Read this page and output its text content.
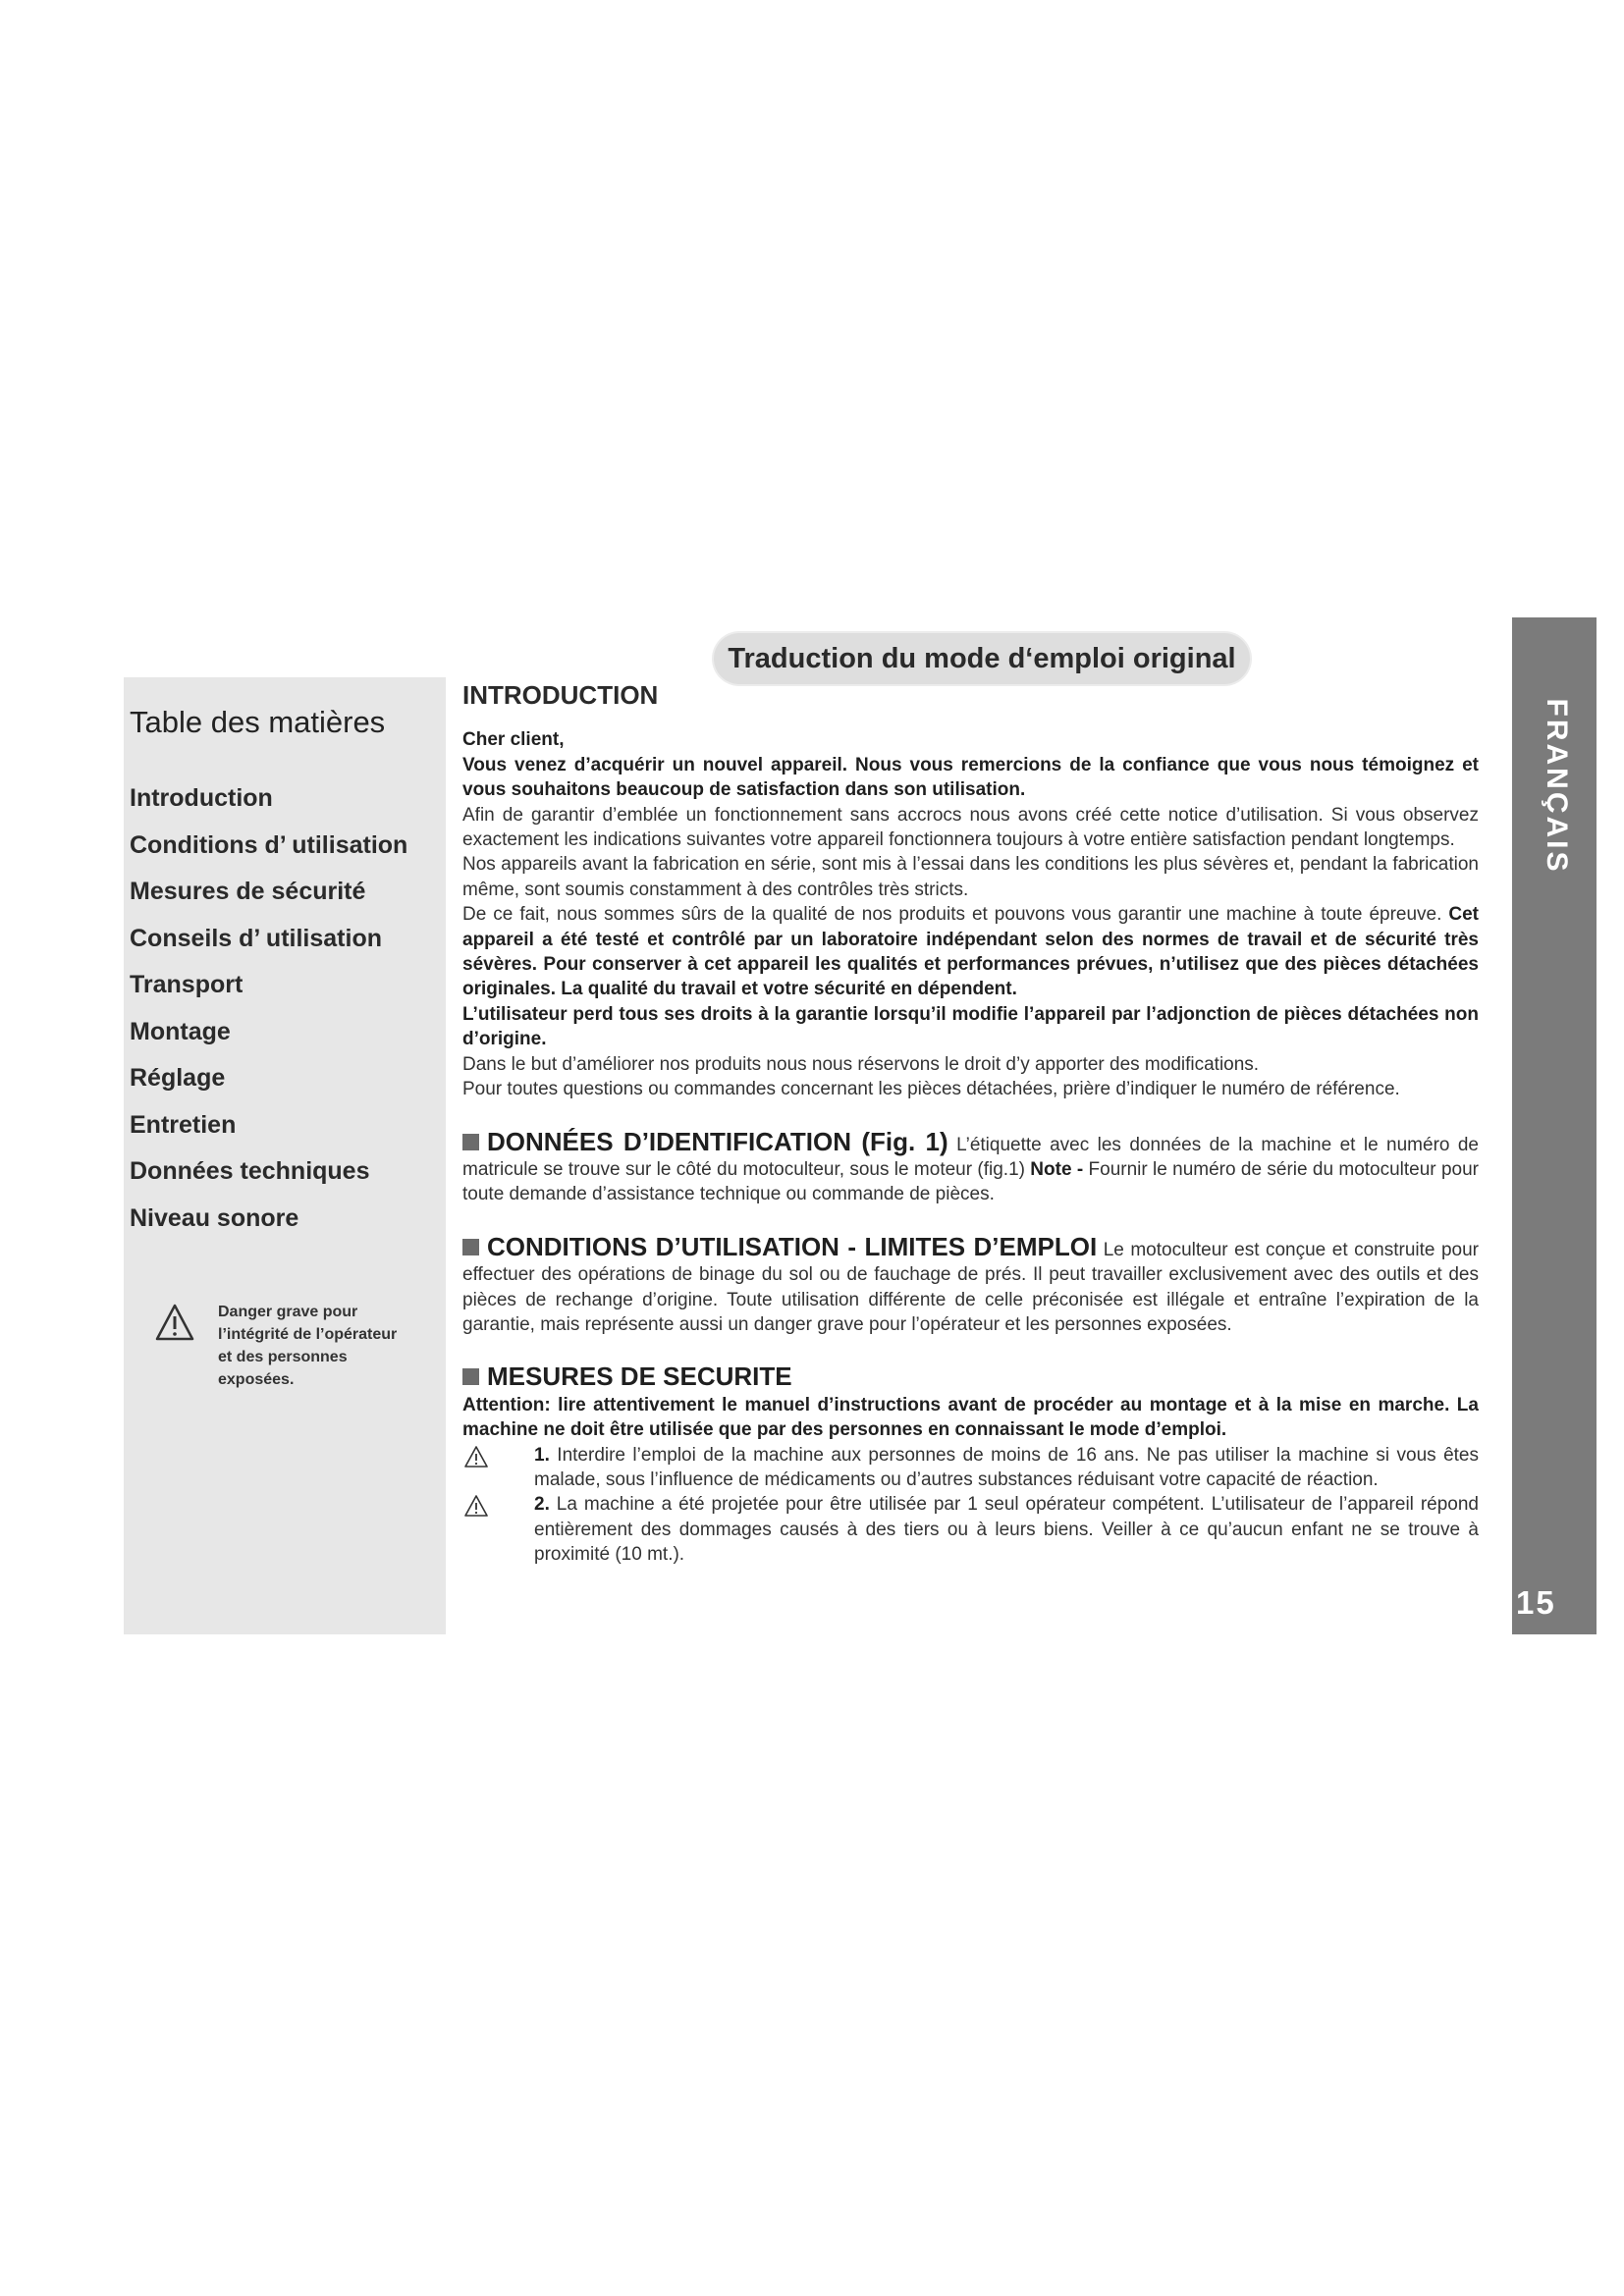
Traduction du mode d‘emploi original
Table des matières
Introduction
Conditions d’ utilisation
Mesures de sécurité
Conseils d’ utilisation
Transport
Montage
Réglage
Entretien
Données techniques
Niveau sonore
Danger grave pour
l’intégrité de l’opérateur
et des personnes
exposées.
FRANÇAIS
15
INTRODUCTION

Cher client,

Vous venez d’acquérir un nouvel appareil. Nous vous remercions de la confiance que vous nous témoignez et vous souhaitons beaucoup de satisfaction dans son utilisation.

Afin de garantir d’emblée un fonctionnement sans accrocs nous avons créé cette notice d’utilisation. Si vous observez exactement les indications suivantes votre appareil fonctionnera toujours à votre entière satisfaction pendant longtemps.

Nos appareils avant la fabrication en série, sont mis à l’essai dans les conditions les plus sévères et, pendant la fabrication même, sont soumis constamment à des contrôles très stricts.

De ce fait, nous sommes sûrs de la qualité de nos produits et pouvons vous garantir une machine à toute épreuve. Cet appareil a été testé et contrôlé par un laboratoire indépendant selon des normes de travail et de sécurité très sévères. Pour conserver à cet appareil les qualités et performances prévues, n’utilisez que des pièces détachées originales. La qualité du travail et votre sécurité en dépendent.

L’utilisateur perd tous ses droits à la garantie lorsqu’il modifie l’appareil par l’adjonction de pièces détachées non d’origine.

Dans le but d’améliorer nos produits nous nous réservons le droit d’y apporter des modifications.

Pour toutes questions ou commandes concernant les pièces détachées, prière d’indiquer le numéro de référence.

DONNÉES D’IDENTIFICATION (Fig. 1) L’étiquette avec les données de la machine et le numéro de matricule se trouve sur le côté du motoculteur, sous le moteur (fig.1) Note - Fournir le numéro de série du motoculteur pour toute demande d’assistance technique ou commande de pièces.

CONDITIONS D’UTILISATION - LIMITES D’EMPLOI Le motoculteur est conçue et construite pour effectuer des opérations de binage du sol ou de fauchage de prés. Il peut travailler exclusivement avec des outils et des pièces de rechange d’origine. Toute utilisation différente de celle préconisée est illégale et entraîne l’expiration de la garantie, mais représente aussi un danger grave pour l’opérateur et les personnes exposées.

MESURES DE SECURITE

Attention: lire attentivement le manuel d’instructions avant de procéder au montage et à la mise en marche. La machine ne doit être utilisée que par des personnes en connaissant le mode d’emploi.

1. Interdire l’emploi de la machine aux personnes de moins de 16 ans. Ne pas utiliser la machine si vous êtes malade, sous l’influence de médicaments ou d’autres substances réduisant votre capacité de réaction.

2. La machine a été projetée pour être utilisée par 1 seul opérateur compétent. L’utilisateur de l’appareil répond entièrement des dommages causés à des tiers ou à leurs biens. Veiller à ce qu’aucun enfant ne se trouve à proximité (10 mt.).
